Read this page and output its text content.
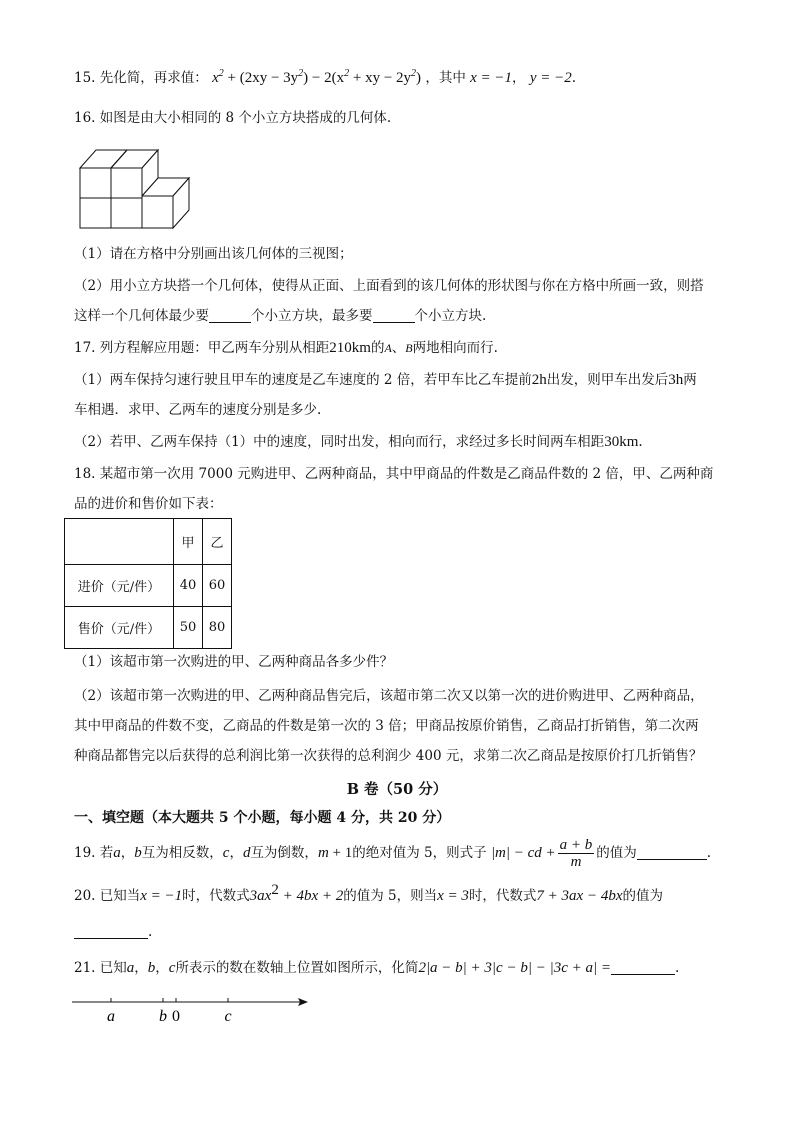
15. 先化简，再求值： $x^2 + (2xy - 3y^2) - 2(x^2$ + xy − $2y^2$) ，其中 x = −1， y = −2.
16. 如图是由大小相同的 8 个小立方块搭成的几何体.
（1）请在方格中分别画出该几何体的三视图；
（2）用小立方块搭一个几何体，使得从正面、上面看到的该几何体的形状图与你在方格中所画一致，则搭
这样一个几何体最少要	个小立方块，最多要	个小立方块.
17. 列方程解应用题：甲乙两车分别从相距210km的A、B两地相向而行.
（1）两车保持匀速行驶且甲车的速度是乙车速度的 2 倍，若甲车比乙车提前2h出发，则甲车出发后3h两
车相遇．求甲、乙两车的速度分别是多少.
（2）若甲、乙两车保持（1）中的速度，同时出发，相向而行，求经过多长时间两车相距30km.
18. 某超市第一次用 7000 元购进甲、乙两种商品，其中甲商品的件数是乙商品件数的 2 倍，甲、乙两种商
品的进价和售价如下表：
	甲	乙
进价（元/件）	40	60
售价（元/件）	50	80
（1）该超市第一次购进的甲、乙两种商品各多少件？
（2）该超市第一次购进的甲、乙两种商品售完后，该超市第二次又以第一次的进价购进甲、乙两种商品，
其中甲商品的件数不变，乙商品的件数是第一次的 3 倍；甲商品按原价销售，乙商品打折销售，第二次两
种商品都售完以后获得的总利润比第一次获得的总利润少 400 元，求第二次乙商品是按原价打几折销售？
B 卷（50 分）
一、填空题（本大题共 5 个小题，每小题 4 分，共 20 分）
19. 若a，b互为相反数，c，d互为倒数，m + 1的绝对值为 5，则式子 |m| − cd + $\frac{a + b}{m}$ 的值为	.
20. 已知当x = −1时，代数式$3ax^2 + 4bx + 2$的值为 5，则当x = 3时，代数式7 + 3ax − 4bx的值为
.
21. 已知a，b，c所表示的数在数轴上位置如图所示，化简2|a − b| + 3|c − b| − |3c + a| =	.
a	b 0	c
